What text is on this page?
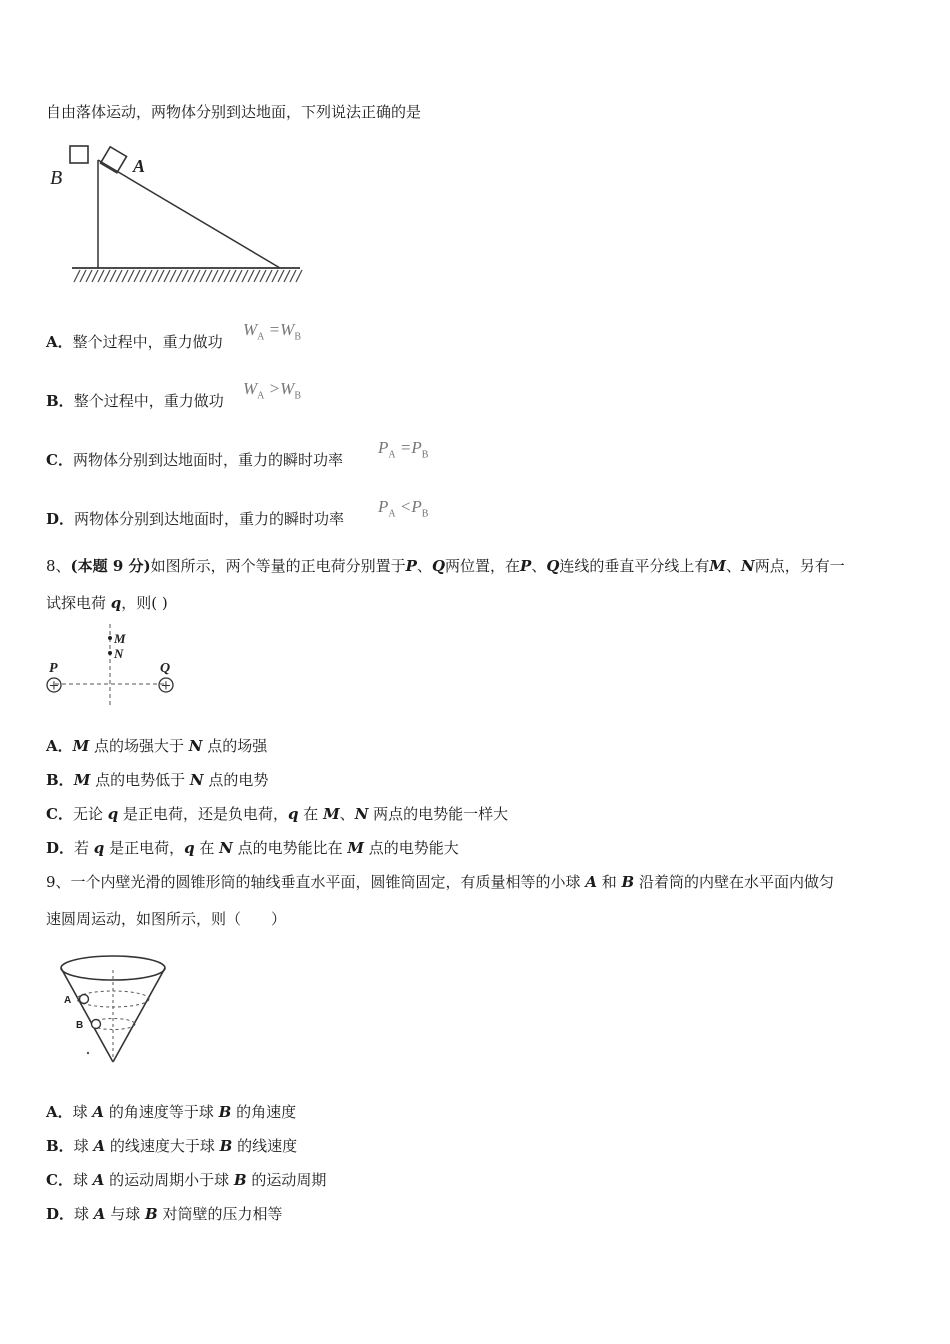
自由落体运动，两物体分别到达地面，下列说法正确的是
B
A
A．整个过程中，重力做功
$W_A =W_B$
B．整个过程中，重力做功
$W_A >W_B$
C．两物体分别到达地面时，重力的瞬时功率
$P_A =P_B$
D．两物体分别到达地面时，重力的瞬时功率
$P_A <P_B$
8、(本题 9 分)如图所示，两个等量的正电荷分别置于P、Q两位置，在P、Q连线的垂直平分线上有M、N两点，另有一
试探电荷 q，则( )
+	+
P	Q
M
N
A．M 点的场强大于 N 点的场强
B．M 点的电势低于 N 点的电势
C．无论 q 是正电荷，还是负电荷，q 在 M、N 两点的电势能一样大
D．若 q 是正电荷，q 在 N 点的电势能比在 M 点的电势能大
9、一个内壁光滑的圆锥形筒的轴线垂直水平面，圆锥筒固定，有质量相等的小球 A 和 B 沿着筒的内壁在水平面内做匀
速圆周运动，如图所示，则（　　）
A
B
A．球 A 的角速度等于球 B 的角速度
B．球 A 的线速度大于球 B 的线速度
C．球 A 的运动周期小于球 B 的运动周期
D．球 A 与球 B 对筒壁的压力相等
